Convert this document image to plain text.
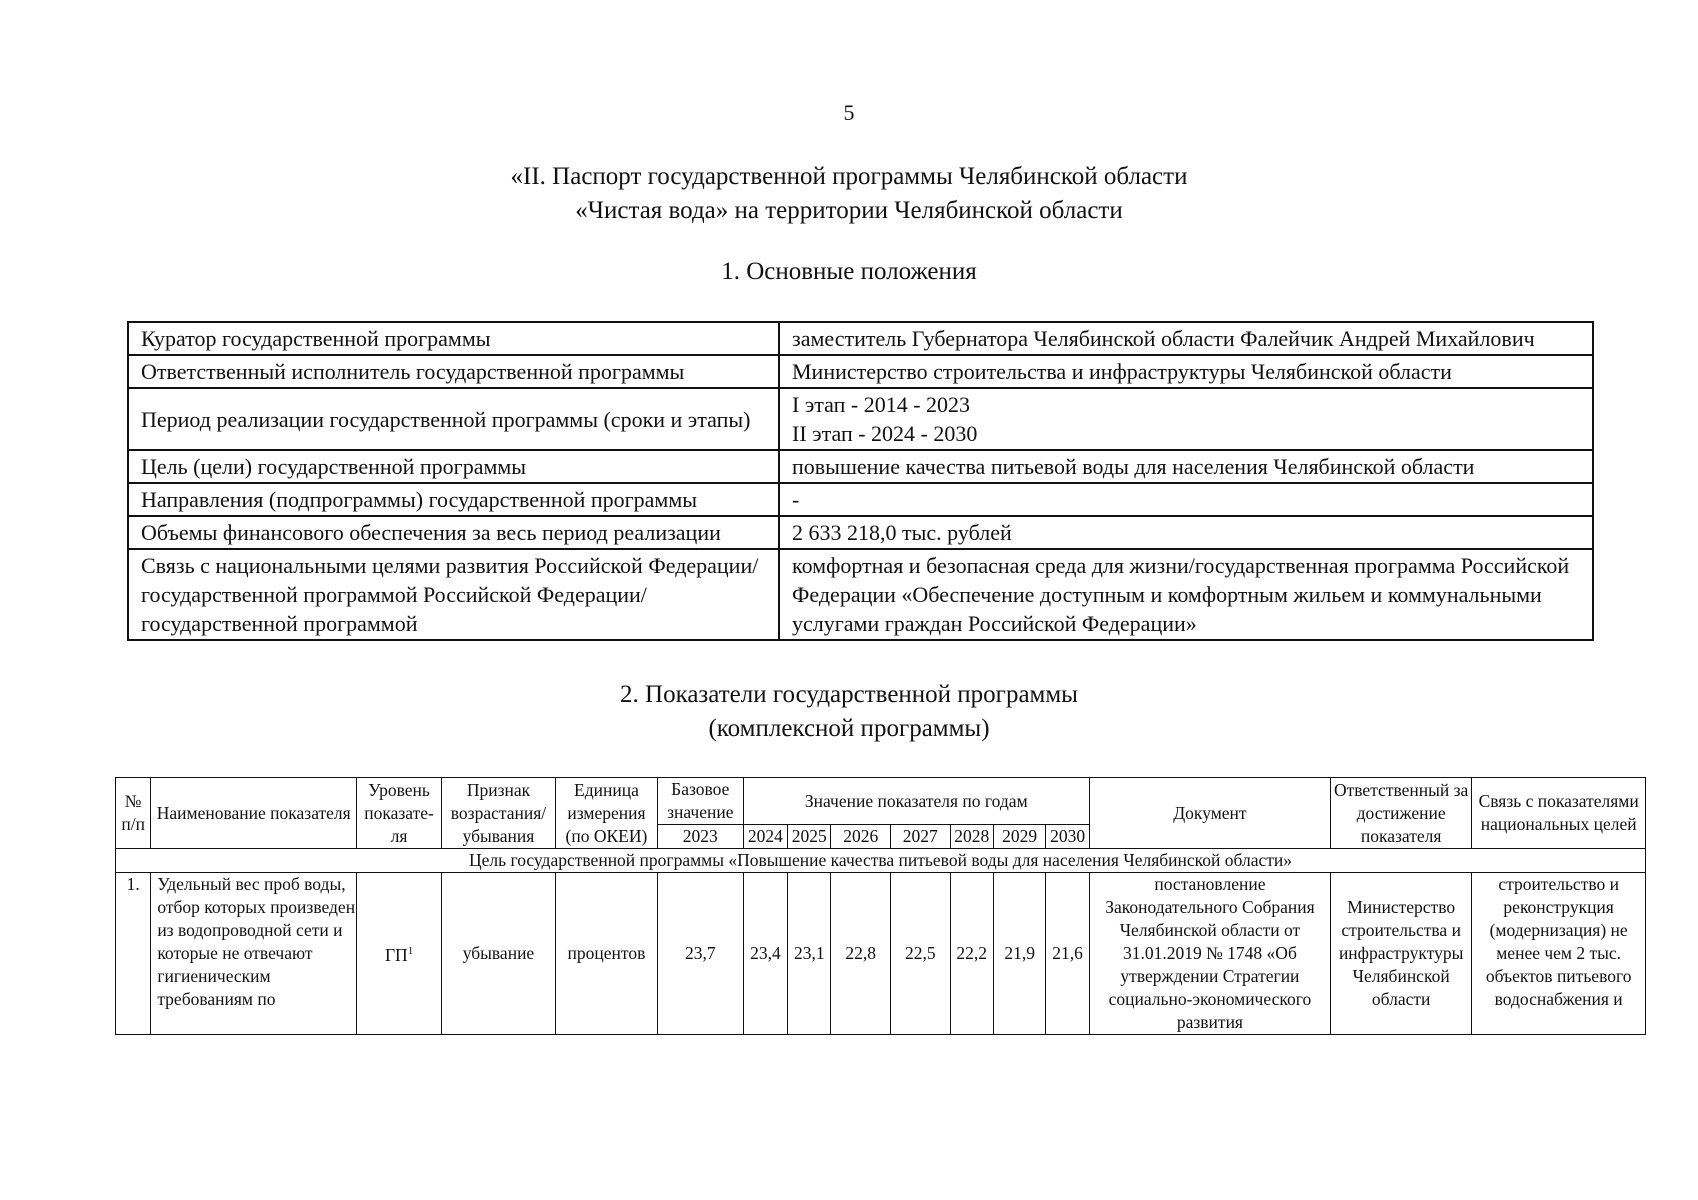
5
«II. Паспорт государственной программы Челябинской области
«Чистая вода» на территории Челябинской области
1. Основные положения
Куратор государственной программы	заместитель Губернатора Челябинской области Фалейчик Андрей Михайлович
Ответственный исполнитель государственной программы	Министерство строительства и инфраструктуры Челябинской области
Период реализации государственной программы (сроки и этапы)	I этап - 2014 - 2023
II этап - 2024 - 2030

Цель (цели) государственной программы	повышение качества питьевой воды для населения Челябинской области
Направления (подпрограммы) государственной программы	-
Объемы финансового обеспечения за весь период реализации	2 633 218,0 тыс. рублей
Связь с национальными целями развития Российской Федерации/государственной программой Российской Федерации/государственной программой	комфортная и безопасная среда для жизни/государственная программа Российской Федерации «Обеспечение доступным и комфортным жильем и коммунальными услугами граждан Российской Федерации»
2. Показатели государственной программы
(комплексной программы)
№ п/п	Наименование показателя	Уровень показате-ля	Признак возрастания/ убывания	Единица измерения (по ОКЕИ)	Базовое значение	Значение показателя по годам							Документ	Ответственный за достижение показателя	Связь с показателями национальных целей
					2023	2024	2025	2026	2027	2028	2029	2030			
Цель государственной программы «Повышение качества питьевой воды для населения Челябинской области»															
1.	Удельный вес проб воды, отбор которых произведен из водопроводной сети и которые не отвечают гигиеническим требованиям по	$ГП^1$	убывание	процентов	23,7	23,4	23,1	22,8	22,5	22,2	21,9	21,6	постановление Законодательного Собрания Челябинской области от 31.01.2019 № 1748 «Об утверждении Стратегии социально-экономического развития	Министерство строительства и инфраструктуры Челябинской области	строительство и реконструкция (модернизация) не менее чем 2 тыс. объектов питьевого водоснабжения и
